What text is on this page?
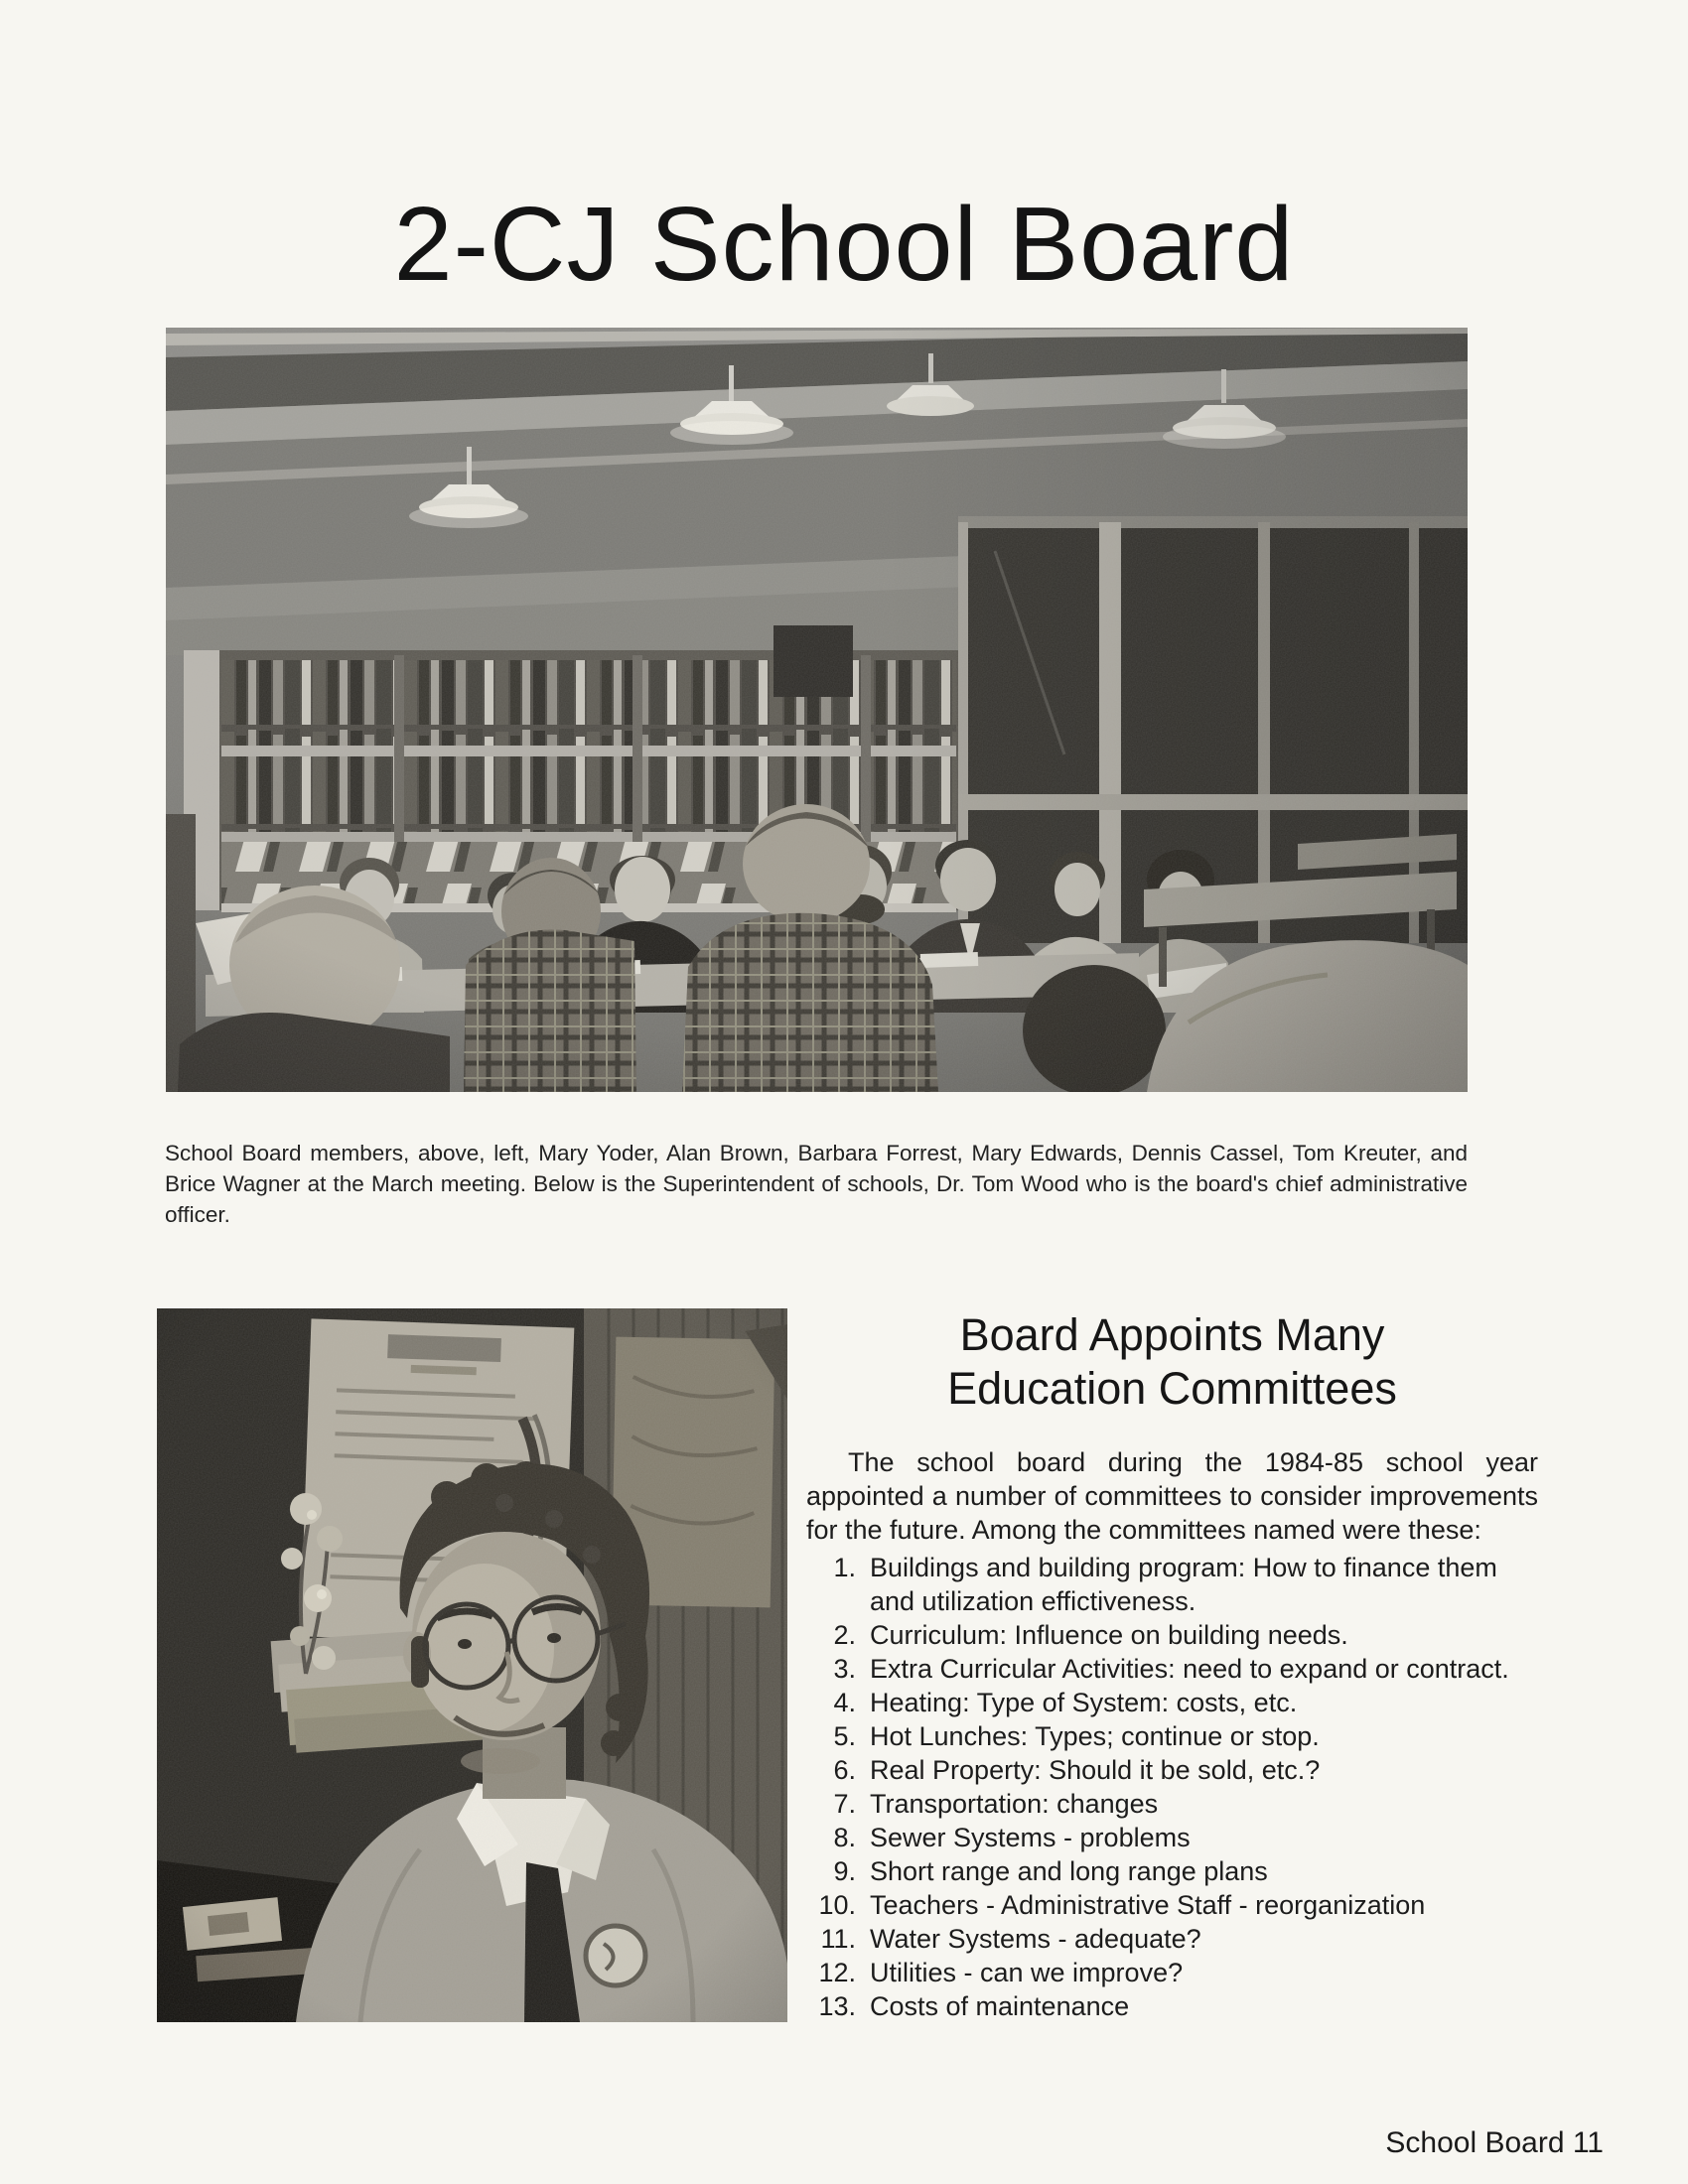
2-CJ School Board

School Board members, above, left, Mary Yoder, Alan Brown, Barbara Forrest, Mary Edwards, Dennis Cassel, Tom Kreuter, and Brice Wagner at the March meeting. Below is the Superintendent of schools, Dr. Tom Wood who is the board's chief administrative officer.

Board Appoints Many
Education Committees

The school board during the 1984-85 school year appointed a number of committees to consider improvements for the future. Among the committees named were these:

1. Buildings and building program: How to finance them and utilization effictiveness.
2. Curriculum: Influence on building needs.
3. Extra Curricular Activities: need to expand or contract.
4. Heating: Type of System: costs, etc.
5. Hot Lunches: Types; continue or stop.
6. Real Property: Should it be sold, etc.?
7. Transportation: changes
8. Sewer Systems - problems
9. Short range and long range plans
10. Teachers - Administrative Staff - reorganization
11. Water Systems - adequate?
12. Utilities - can we improve?
13. Costs of maintenance
School Board 11
